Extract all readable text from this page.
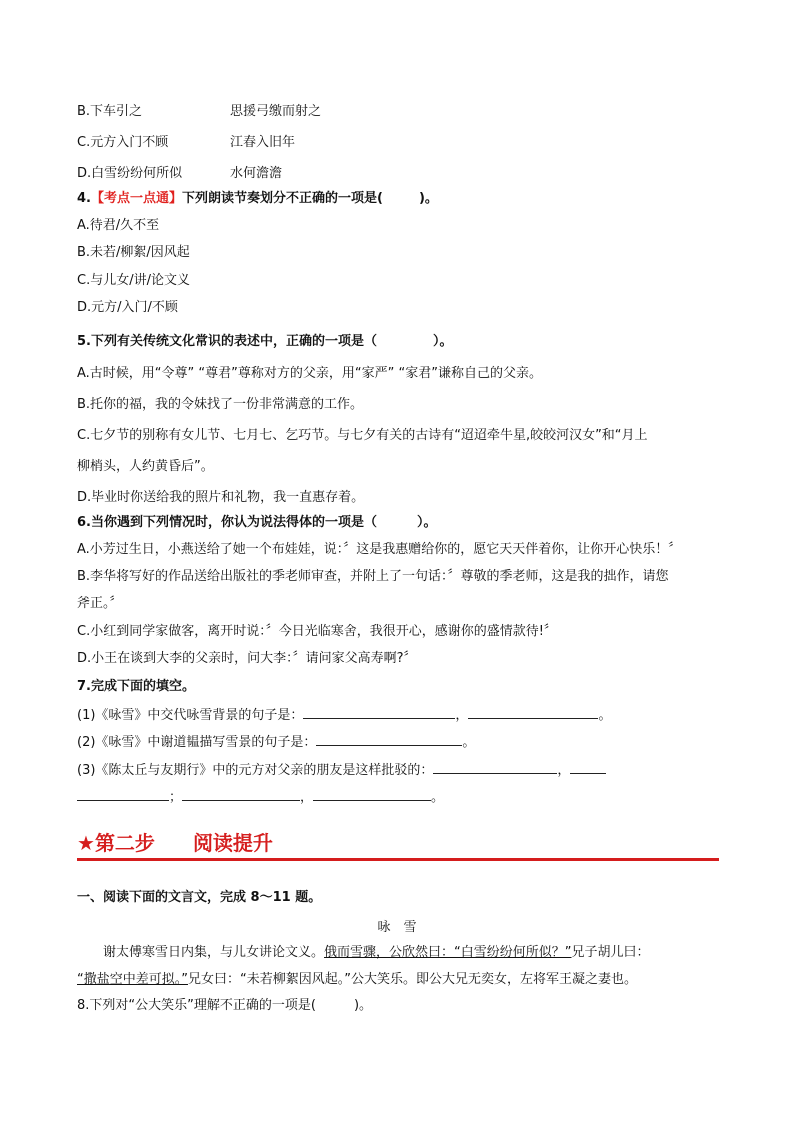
B.下车引之	思援弓缴而射之
C.元方入门不顾	江春入旧年
D.白雪纷纷何所似	水何澹澹
4.【考点一点通】下列朗读节奏划分不正确的一项是(	)。
A.待君/久不至
B.未若/柳絮/因风起
C.与儿女/讲/论文义
D.元方/入门/不顾
5.下列有关传统文化常识的表述中，正确的一项是（	）。
A.古时候，用“令尊” “尊君”尊称对方的父亲，用“家严” “家君”谦称自己的父亲。
B.托你的福，我的令妹找了一份非常满意的工作。
C.七夕节的别称有女儿节、七月七、乞巧节。与七夕有关的古诗有“迢迢牵牛星,皎皎河汉女”和“月上
柳梢头，人约黄昏后”。
D.毕业时你送给我的照片和礼物，我一直惠存着。
6.当你遇到下列情况时，你认为说法得体的一项是（	）。
A.小芳过生日，小燕送给了她一个布娃娃，说：〞这是我惠赠给你的，愿它天天伴着你，让你开心快乐！〞
B.李华将写好的作品送给出版社的季老师审查，并附上了一句话：〞尊敬的季老师，这是我的拙作，请您
斧正。〞
C.小红到同学家做客，离开时说：〞今日光临寒舍，我很开心，感谢你的盛情款待!〞
D.小王在谈到大李的父亲时，问大李：〞请问家父高寿啊?〞
7.完成下面的填空。
(1)《咏雪》中交代咏雪背景的句子是：	，	。
(2)《咏雪》中谢道韫描写雪景的句子是：	。
(3)《陈太丘与友期行》中的元方对父亲的朋友是这样批驳的：	，
；	，	。
★第二步 阅读提升
一、阅读下面的文言文，完成 8～11 题。
咏　雪
谢太傅寒雪日内集，与儿女讲论文义。俄而雪骤，公欣然曰：“白雪纷纷何所似？”兄子胡儿曰：
“撒盐空中差可拟。”兄女曰：“未若柳絮因风起。”公大笑乐。即公大兄无奕女，左将军王凝之妻也。
8.下列对“公大笑乐”理解不正确的一项是(	)。
